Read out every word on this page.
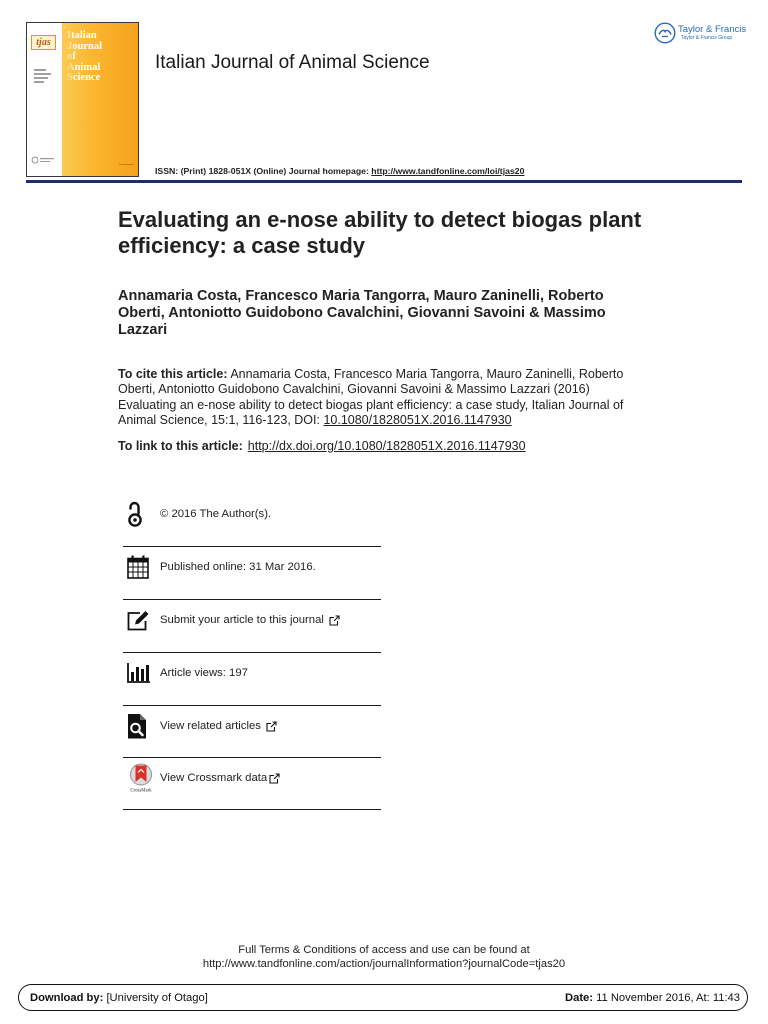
tjas
Italian
Journal
of
Animal
Science
Italian Journal of Animal Science
Taylor & Francis
Taylor & Francis Group
ISSN: (Print) 1828-051X (Online) Journal homepage: http://www.tandfonline.com/loi/tjas20
Evaluating an e-nose ability to detect biogas plant
efficiency: a case study
Annamaria Costa, Francesco Maria Tangorra, Mauro Zaninelli, Roberto
Oberti, Antoniotto Guidobono Cavalchini, Giovanni Savoini & Massimo
Lazzari
To cite this article: Annamaria Costa, Francesco Maria Tangorra, Mauro Zaninelli, Roberto
Oberti, Antoniotto Guidobono Cavalchini, Giovanni Savoini & Massimo Lazzari (2016)
Evaluating an e-nose ability to detect biogas plant efficiency: a case study, Italian Journal of
Animal Science, 15:1, 116-123, DOI: 10.1080/1828051X.2016.1147930
To link to this article: http://dx.doi.org/10.1080/1828051X.2016.1147930
© 2016 The Author(s).
Published online: 31 Mar 2016.
Submit your article to this journal
Article views: 197
View related articles
CrossMark
View Crossmark data
Full Terms & Conditions of access and use can be found at
http://www.tandfonline.com/action/journalInformation?journalCode=tjas20
Download by: [University of Otago]	Date: 11 November 2016, At: 11:43
